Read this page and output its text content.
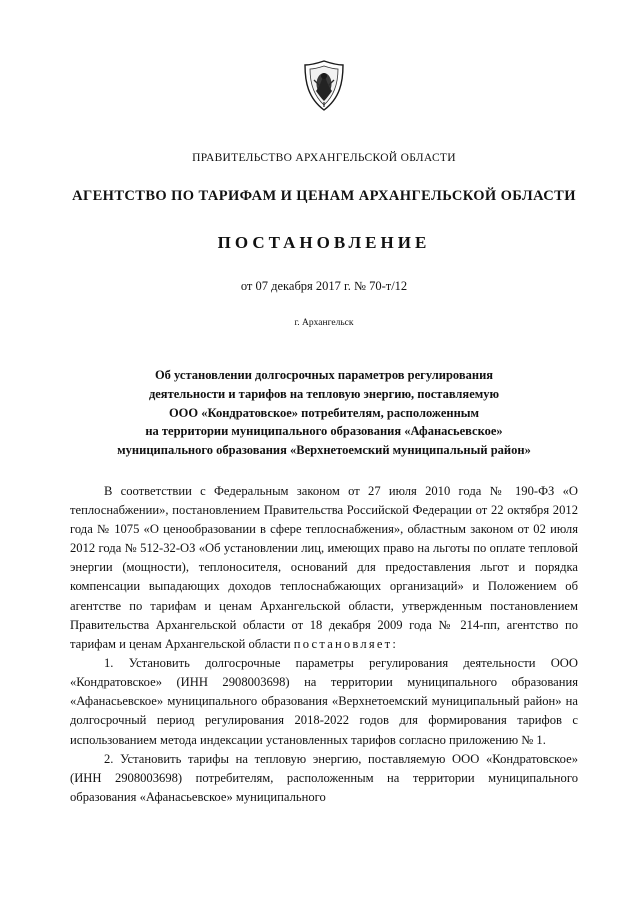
ПРАВИТЕЛЬСТВО АРХАНГЕЛЬСКОЙ ОБЛАСТИ
АГЕНТСТВО ПО ТАРИФАМ И ЦЕНАМ АРХАНГЕЛЬСКОЙ ОБЛАСТИ
ПОСТАНОВЛЕНИЕ
от 07 декабря 2017 г. № 70-т/12
г. Архангельск
Об установлении долгосрочных параметров регулирования
деятельности и тарифов на тепловую энергию, поставляемую
ООО «Кондратовское» потребителям, расположенным
на территории муниципального образования «Афанасьевское»
муниципального образования «Верхнетоемский муниципальный район»

В соответствии с Федеральным законом от 27 июля 2010 года № 190-ФЗ «О теплоснабжении», постановлением Правительства Российской Федерации от 22 октября 2012 года № 1075 «О ценообразовании в сфере теплоснабжения», областным законом от 02 июля 2012 года № 512-32-ОЗ «Об установлении лиц, имеющих право на льготы по оплате тепловой энергии (мощности), теплоносителя, оснований для предоставления льгот и порядка компенсации выпадающих доходов теплоснабжающих организаций» и Положением об агентстве по тарифам и ценам Архангельской области, утвержденным постановлением Правительства Архангельской области от 18 декабря 2009 года № 214-пп, агентство по тарифам и ценам Архангельской области постановляет:

1. Установить долгосрочные параметры регулирования деятельности ООО «Кондратовское» (ИНН 2908003698) на территории муниципального образования «Афанасьевское» муниципального образования «Верхнетоемский муниципальный район» на долгосрочный период регулирования 2018-2022 годов для формирования тарифов с использованием метода индексации установленных тарифов согласно приложению № 1.

2. Установить тарифы на тепловую энергию, поставляемую ООО «Кондратовское» (ИНН 2908003698) потребителям, расположенным на территории муниципального образования «Афанасьевское» муниципального
